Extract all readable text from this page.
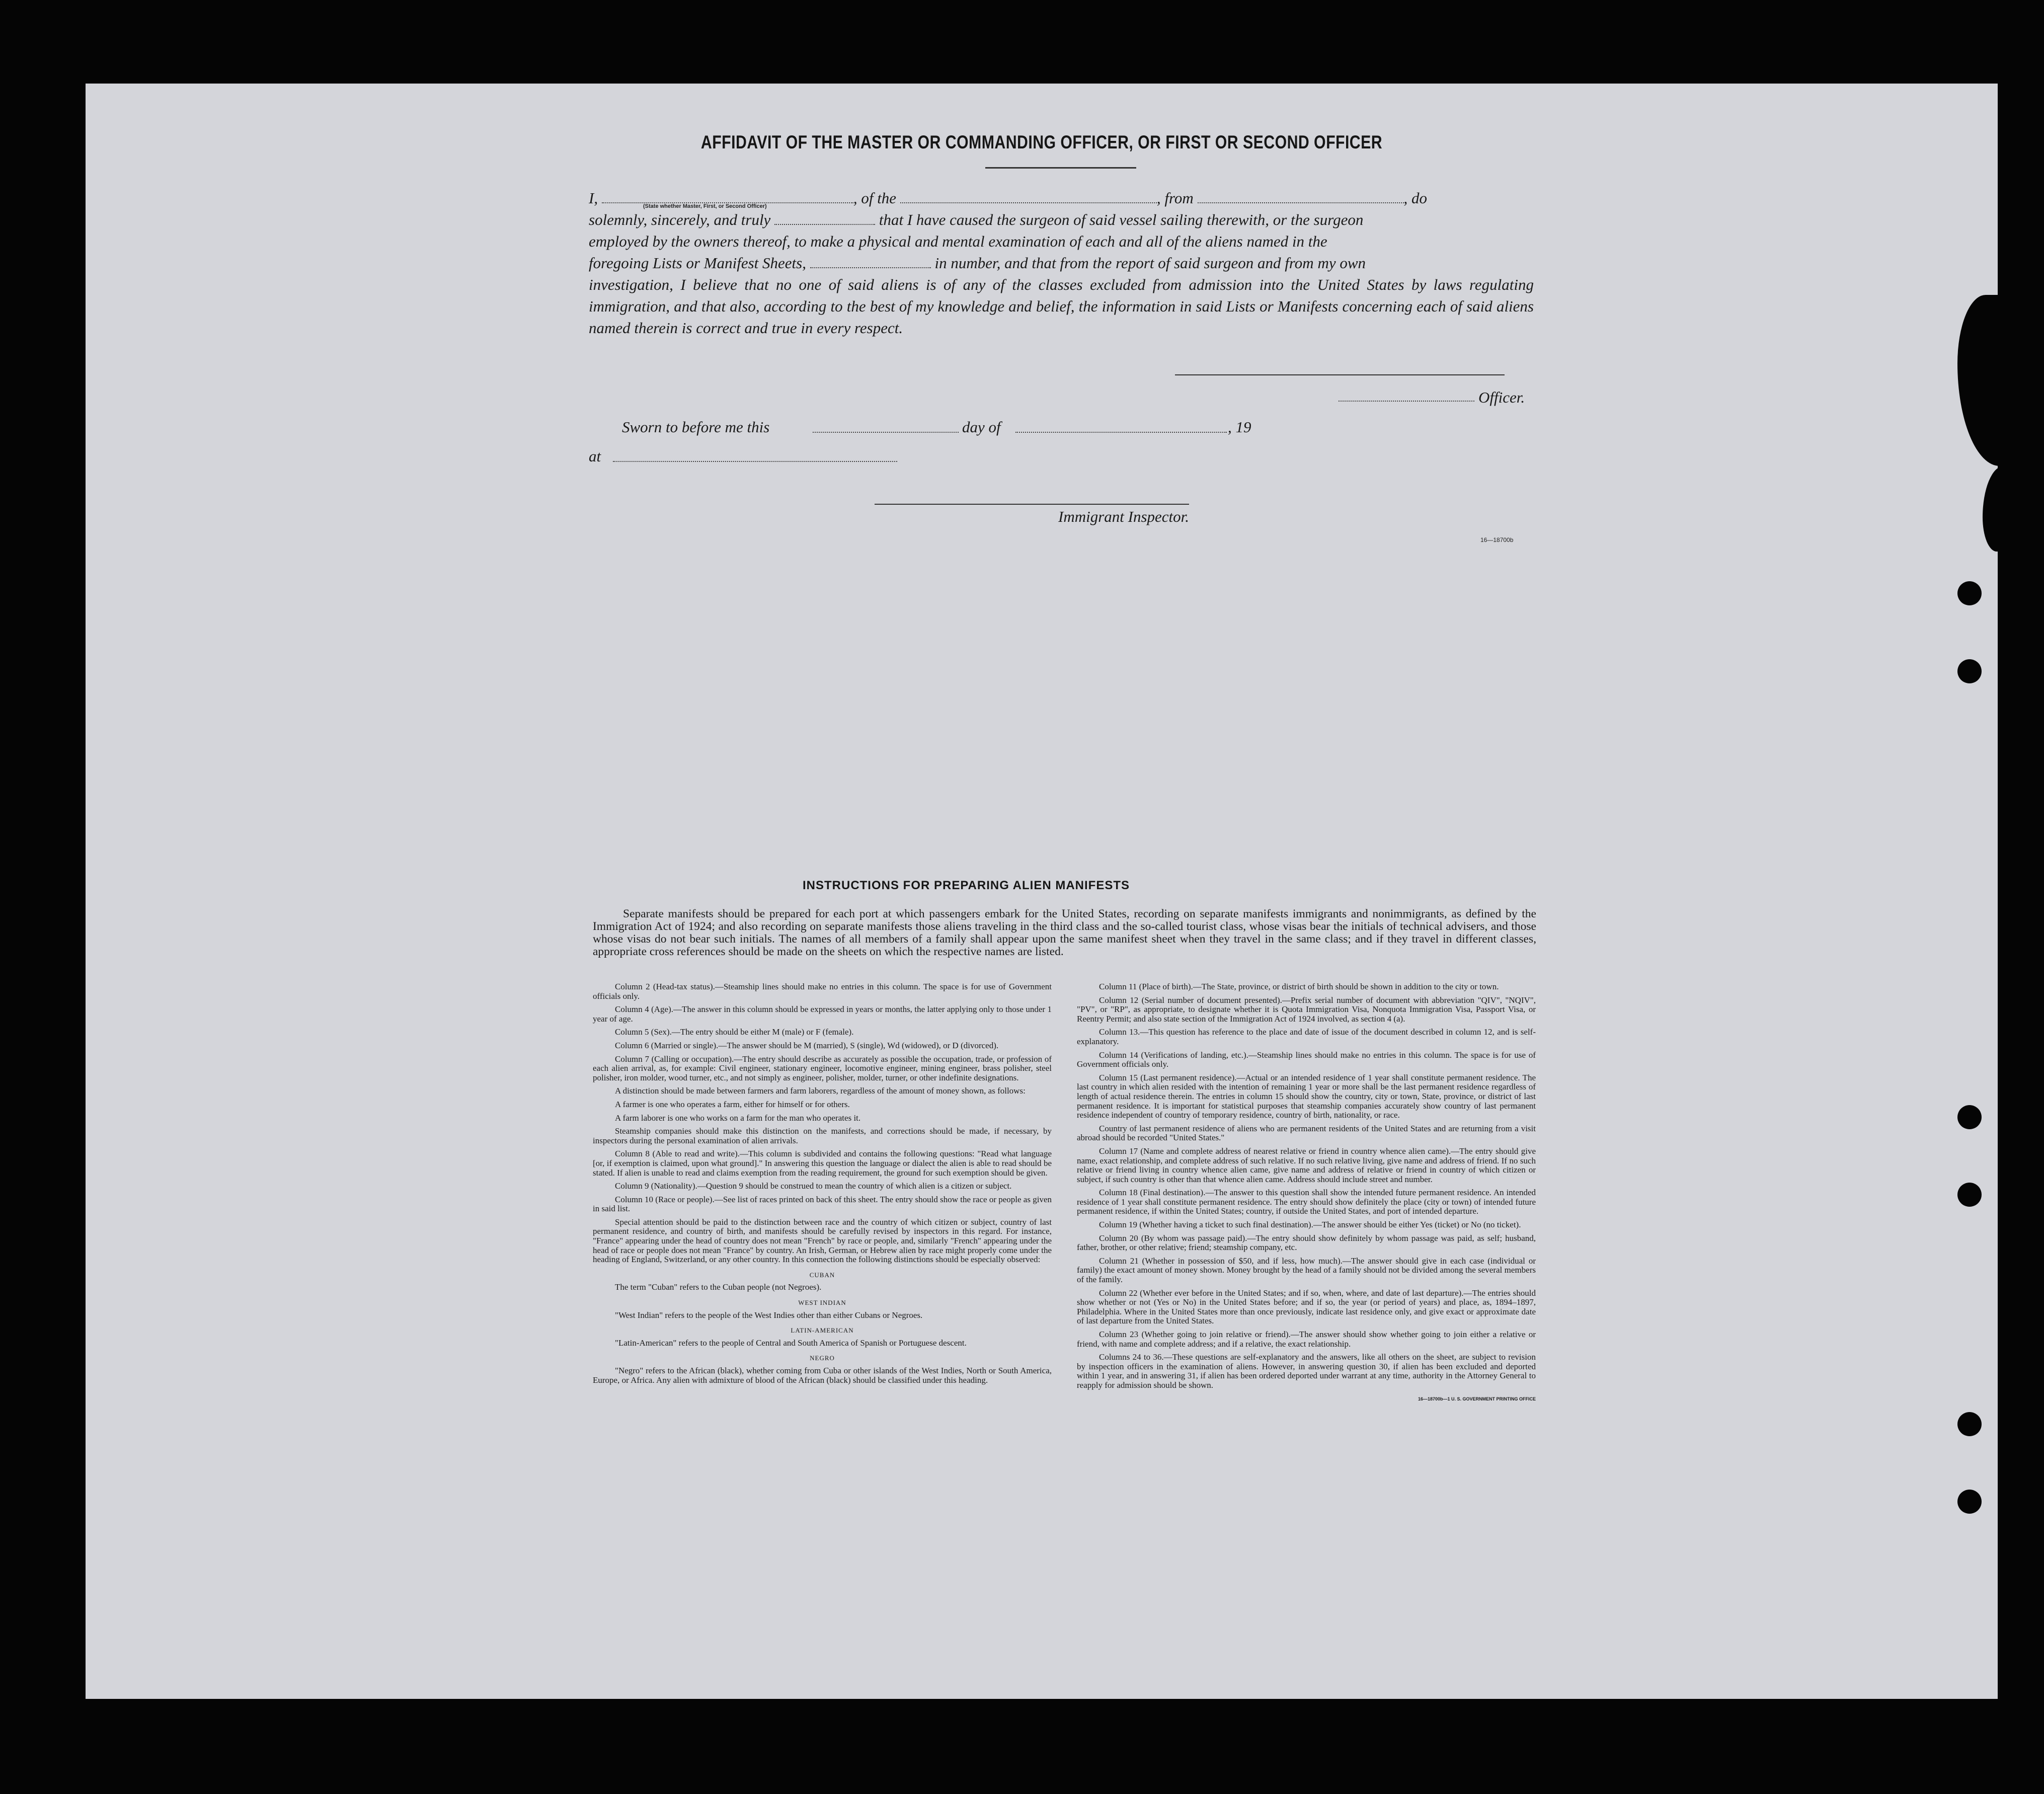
AFFIDAVIT OF THE MASTER OR COMMANDING OFFICER, OR FIRST OR SECOND OFFICER
I,	, of the	, from	, do
solemnly, sincerely, and truly	that I have caused the surgeon of said vessel sailing therewith, or the surgeon
employed by the owners thereof, to make a physical and mental examination of each and all of the aliens named in the
foregoing Lists or Manifest Sheets,	in number, and that from the report of said surgeon and from my own
investigation, I believe that no one of said aliens is of any of the classes excluded from admission into the United States by laws regulating immigration, and that also, according to the best of my knowledge and belief, the information in said Lists or Manifests concerning each of said aliens named therein is correct and true in every respect.
(State whether Master, First, or Second Officer)
Officer.
Sworn to before me this	day of	, 19
at
Immigrant Inspector.
16—18700b
INSTRUCTIONS FOR PREPARING ALIEN MANIFESTS
Separate manifests should be prepared for each port at which passengers embark for the United States, recording on separate manifests immigrants and nonimmigrants, as defined by the Immigration Act of 1924; and also recording on separate manifests those aliens traveling in the third class and the so-called tourist class, whose visas bear the initials of technical advisers, and those whose visas do not bear such initials. The names of all members of a family shall appear upon the same manifest sheet when they travel in the same class; and if they travel in different classes, appropriate cross references should be made on the sheets on which the respective names are listed.

Column 2 (Head-tax status).—Steamship lines should make no entries in this column. The space is for use of Government officials only.

Column 4 (Age).—The answer in this column should be expressed in years or months, the latter applying only to those under 1 year of age.

Column 5 (Sex).—The entry should be either M (male) or F (female).

Column 6 (Married or single).—The answer should be M (married), S (single), Wd (widowed), or D (divorced).

Column 7 (Calling or occupation).—The entry should describe as accurately as possible the occupation, trade, or profession of each alien arrival, as, for example: Civil engineer, stationary engineer, locomotive engineer, mining engineer, brass polisher, steel polisher, iron molder, wood turner, etc., and not simply as engineer, polisher, molder, turner, or other indefinite designations.

A distinction should be made between farmers and farm laborers, regardless of the amount of money shown, as follows:

A farmer is one who operates a farm, either for himself or for others.

A farm laborer is one who works on a farm for the man who operates it.

Steamship companies should make this distinction on the manifests, and corrections should be made, if necessary, by inspectors during the personal examination of alien arrivals.

Column 8 (Able to read and write).—This column is subdivided and contains the following questions: "Read what language [or, if exemption is claimed, upon what ground]." In answering this question the language or dialect the alien is able to read should be stated. If alien is unable to read and claims exemption from the reading requirement, the ground for such exemption should be given.

Column 9 (Nationality).—Question 9 should be construed to mean the country of which alien is a citizen or subject.

Column 10 (Race or people).—See list of races printed on back of this sheet. The entry should show the race or people as given in said list.

Special attention should be paid to the distinction between race and the country of which citizen or subject, country of last permanent residence, and country of birth, and manifests should be carefully revised by inspectors in this regard. For instance, "France" appearing under the head of country does not mean "French" by race or people, and, similarly "French" appearing under the head of race or people does not mean "France" by country. An Irish, German, or Hebrew alien by race might properly come under the heading of England, Switzerland, or any other country. In this connection the following distinctions should be especially observed:

CUBAN

The term "Cuban" refers to the Cuban people (not Negroes).

WEST INDIAN

"West Indian" refers to the people of the West Indies other than either Cubans or Negroes.

LATIN-AMERICAN

"Latin-American" refers to the people of Central and South America of Spanish or Portuguese descent.

NEGRO

"Negro" refers to the African (black), whether coming from Cuba or other islands of the West Indies, North or South America, Europe, or Africa. Any alien with admixture of blood of the African (black) should be classified under this heading.

Column 11 (Place of birth).—The State, province, or district of birth should be shown in addition to the city or town.

Column 12 (Serial number of document presented).—Prefix serial number of document with abbreviation "QIV", "NQIV", "PV", or "RP", as appropriate, to designate whether it is Quota Immigration Visa, Nonquota Immigration Visa, Passport Visa, or Reentry Permit; and also state section of the Immigration Act of 1924 involved, as section 4 (a).

Column 13.—This question has reference to the place and date of issue of the document described in column 12, and is self-explanatory.

Column 14 (Verifications of landing, etc.).—Steamship lines should make no entries in this column. The space is for use of Government officials only.

Column 15 (Last permanent residence).—Actual or an intended residence of 1 year shall constitute permanent residence. The last country in which alien resided with the intention of remaining 1 year or more shall be the last permanent residence regardless of length of actual residence therein. The entries in column 15 should show the country, city or town, State, province, or district of last permanent residence. It is important for statistical purposes that steamship companies accurately show country of last permanent residence independent of country of temporary residence, country of birth, nationality, or race.

Country of last permanent residence of aliens who are permanent residents of the United States and are returning from a visit abroad should be recorded "United States."

Column 17 (Name and complete address of nearest relative or friend in country whence alien came).—The entry should give name, exact relationship, and complete address of such relative. If no such relative living, give name and address of friend. If no such relative or friend living in country whence alien came, give name and address of relative or friend in country of which citizen or subject, if such country is other than that whence alien came. Address should include street and number.

Column 18 (Final destination).—The answer to this question shall show the intended future permanent residence. An intended residence of 1 year shall constitute permanent residence. The entry should show definitely the place (city or town) of intended future permanent residence, if within the United States; country, if outside the United States, and port of intended departure.

Column 19 (Whether having a ticket to such final destination).—The answer should be either Yes (ticket) or No (no ticket).

Column 20 (By whom was passage paid).—The entry should show definitely by whom passage was paid, as self; husband, father, brother, or other relative; friend; steamship company, etc.

Column 21 (Whether in possession of $50, and if less, how much).—The answer should give in each case (individual or family) the exact amount of money shown. Money brought by the head of a family should not be divided among the several members of the family.

Column 22 (Whether ever before in the United States; and if so, when, where, and date of last departure).—The entries should show whether or not (Yes or No) in the United States before; and if so, the year (or period of years) and place, as, 1894–1897, Philadelphia. Where in the United States more than once previously, indicate last residence only, and give exact or approximate date of last departure from the United States.

Column 23 (Whether going to join relative or friend).—The answer should show whether going to join either a relative or friend, with name and complete address; and if a relative, the exact relationship.

Columns 24 to 36.—These questions are self-explanatory and the answers, like all others on the sheet, are subject to revision by inspection officers in the examination of aliens. However, in answering question 30, if alien has been excluded and deported within 1 year, and in answering 31, if alien has been ordered deported under warrant at any time, authority in the Attorney General to reapply for admission should be shown.

16—18700b—1 U. S. GOVERNMENT PRINTING OFFICE
